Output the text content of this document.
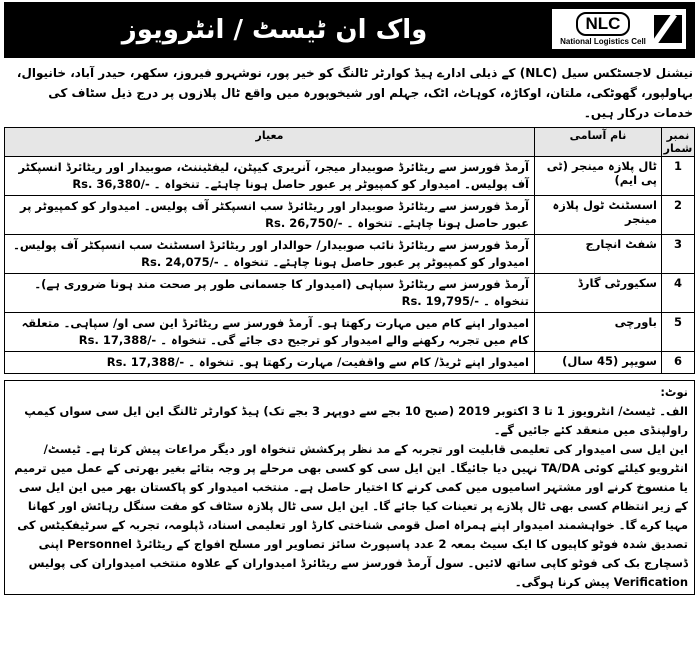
واک ان ٹیسٹ / انٹرویوز	NLC
National Logistics Cell
نیشنل لاجسٹکس سیل (NLC) کے ذیلی ادارے ہیڈ کوارٹر ٹالنگ کو خیر پور، نوشہرو فیروز، سکھر، حیدر آباد، خانیوال، بہاولپور، گھوٹکی، ملتان، اوکاڑہ، کوہاٹ، اٹک، جہلم اور شیخوپورہ میں واقع ٹال پلازوں پر درج ذیل سٹاف کی خدمات درکار ہیں۔
نمبر شمار	نام آسامی	معیار
1	ٹال پلازہ مینجر (ٹی پی ایم)	آرمڈ فورسز سے ریٹائرڈ صوبیدار میجر، آنریری کیپٹن، لیفٹیننٹ، صوبیدار اور ریٹائرڈ انسپکٹر آف پولیس۔ امیدوار کو کمپیوٹر پر عبور حاصل ہونا چاہئے۔ تنخواہ ۔ Rs. 36,380/-
2	اسسٹنٹ ٹول پلازہ مینجر	آرمڈ فورسز سے ریٹائرڈ صوبیدار اور ریٹائرڈ سب انسپکٹر آف پولیس۔ امیدوار کو کمپیوٹر پر عبور حاصل ہونا چاہئے۔ تنخواہ ۔ Rs. 26,750/-
3	شفٹ انچارج	آرمڈ فورسز سے ریٹائرڈ نائب صوبیدار/ حوالدار اور ریٹائرڈ اسسٹنٹ سب انسپکٹر آف پولیس۔ امیدوار کو کمپیوٹر پر عبور حاصل ہونا چاہئے۔ تنخواہ ۔ Rs. 24,075/-
4	سکیورٹی گارڈ	آرمڈ فورسز سے ریٹائرڈ سپاہی (امیدوار کا جسمانی طور پر صحت مند ہونا ضروری ہے)۔ تنخواہ ۔ Rs. 19,795/-
5	باورچی	امیدوار اپنے کام میں مہارت رکھتا ہو۔ آرمڈ فورسز سے ریٹائرڈ این سی او/ سپاہی۔ متعلقہ کام میں تجربہ رکھنے والے امیدوار کو ترجیح دی جائے گی۔ تنخواہ ۔ Rs. 17,388/-
6	سویپر (45 سال)	امیدوار اپنے ٹریڈ/ کام سے واقفیت/ مہارت رکھتا ہو۔ تنخواہ ۔ Rs. 17,388/-
نوٹ:
الف۔ ٹیسٹ/ انٹرویوز 1 تا 3 اکتوبر 2019 (صبح 10 بجے سے دوپہر 3 بجے تک) ہیڈ کوارٹر ٹالنگ این ایل سی سواں کیمپ راولپنڈی میں منعقد کئے جائیں گے۔
این ایل سی امیدوار کی تعلیمی قابلیت اور تجربہ کے مد نظر پرکشش تنخواہ اور دیگر مراعات پیش کرتا ہے۔ ٹیسٹ/ انٹرویو کیلئے کوئی TA/DA نہیں دیا جائیگا۔ این ایل سی کو کسی بھی مرحلے پر وجہ بتائے بغیر بھرتی کے عمل میں ترمیم یا منسوخ کرنے اور مشتہر اسامیوں میں کمی کرنے کا اختیار حاصل ہے۔ منتخب امیدوار کو پاکستان بھر میں این ایل سی کے زیر انتظام کسی بھی ٹال پلازے پر تعینات کیا جائے گا۔ این ایل سی ٹال پلازہ سٹاف کو مفت سنگل رہائش اور کھانا مہیا کرے گا۔ خواہشمند امیدوار اپنے ہمراہ اصل قومی شناختی کارڈ اور تعلیمی اسناد، ڈپلومہ، تجربہ کے سرٹیفکیٹس کی تصدیق شدہ فوٹو کاپیوں کا ایک سیٹ بمعہ 2 عدد پاسپورٹ سائز تصاویر اور مسلح افواج کے ریٹائرڈ Personnel اپنی ڈسچارج بک کی فوٹو کاپی ساتھ لائیں۔ سول آرمڈ فورسز سے ریٹائرڈ امیدواران کے علاوہ منتخب امیدواران کی پولیس Verification پیش کرنا ہوگی۔
